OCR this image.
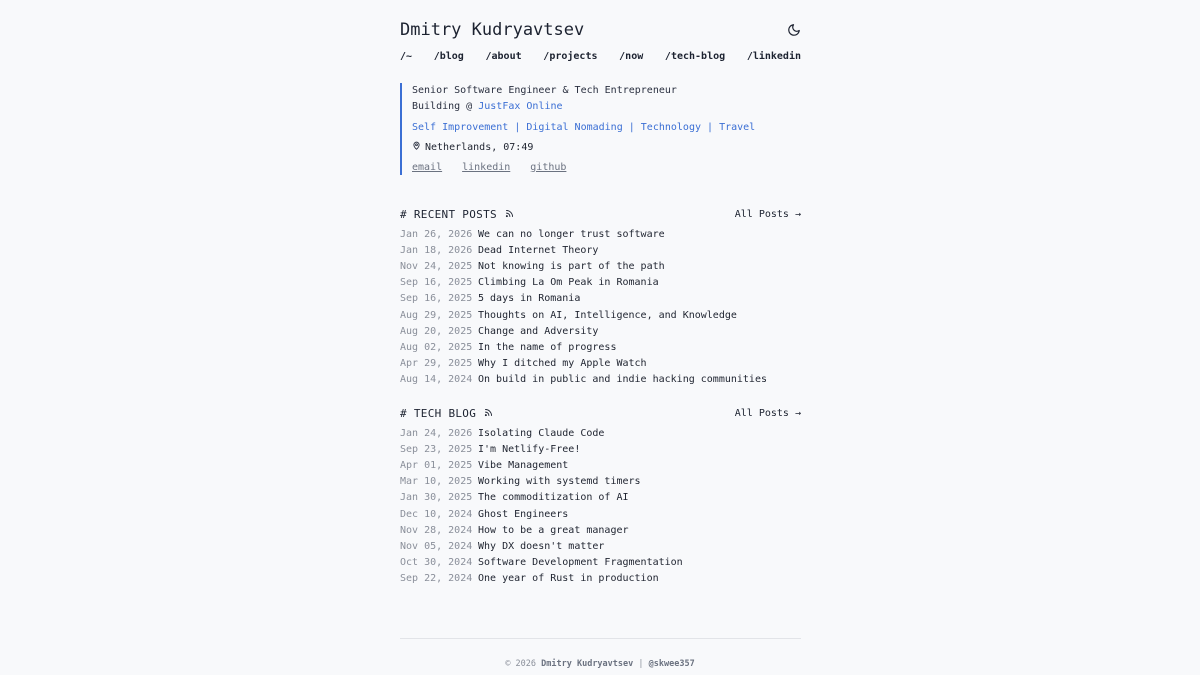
Dmitry Kudryavtsev
/~ /blog /about /projects /now /tech-blog /linkedin
Senior Software Engineer & Tech Entrepreneur
Building @ JustFax Online
Self Improvement | Digital Nomading | Technology | Travel
Netherlands, 07:49
email linkedin github
# RECENT POSTS	All Posts →
Jan 26, 2026 We can no longer trust software
Jan 18, 2026 Dead Internet Theory
Nov 24, 2025 Not knowing is part of the path
Sep 16, 2025 Climbing La Om Peak in Romania
Sep 16, 2025 5 days in Romania
Aug 29, 2025 Thoughts on AI, Intelligence, and Knowledge
Aug 20, 2025 Change and Adversity
Aug 02, 2025 In the name of progress
Apr 29, 2025 Why I ditched my Apple Watch
Aug 14, 2024 On build in public and indie hacking communities
# TECH BLOG	All Posts →
Jan 24, 2026 Isolating Claude Code
Sep 23, 2025 I'm Netlify-Free!
Apr 01, 2025 Vibe Management
Mar 10, 2025 Working with systemd timers
Jan 30, 2025 The commoditization of AI
Dec 10, 2024 Ghost Engineers
Nov 28, 2024 How to be a great manager
Nov 05, 2024 Why DX doesn't matter
Oct 30, 2024 Software Development Fragmentation
Sep 22, 2024 One year of Rust in production
© 2026 Dmitry Kudryavtsev | @skwee357
